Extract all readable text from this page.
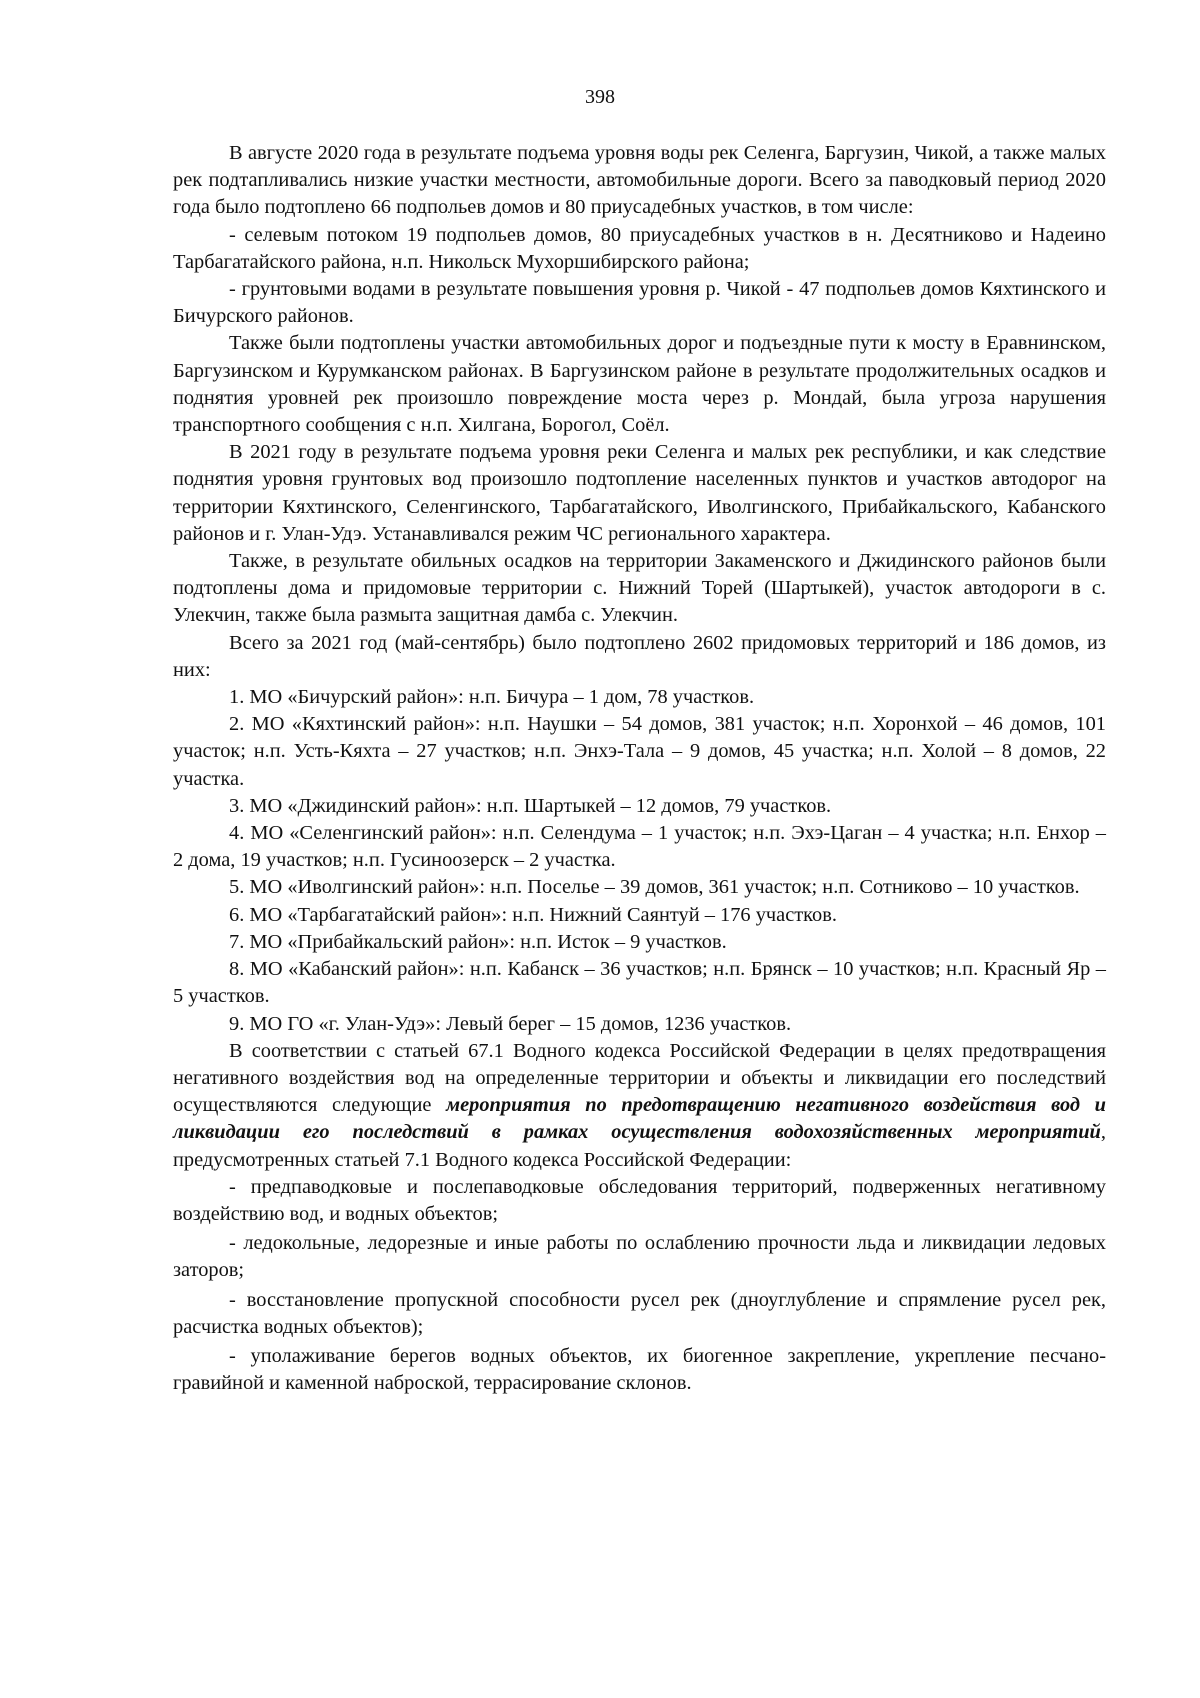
398

В августе 2020 года в результате подъема уровня воды рек Селенга, Баргузин, Чикой, а также малых рек подтапливались низкие участки местности, автомобильные дороги. Всего за паводковый период 2020 года было подтоплено 66 подпольев домов и 80 приусадебных участков, в том числе:

- селевым потоком 19 подпольев домов, 80 приусадебных участков в н. Десятниково и Надеино Тарбагатайского района, н.п. Никольск Мухоршибирского района;

- грунтовыми водами в результате повышения уровня р. Чикой - 47 подпольев домов Кяхтинского и Бичурского районов.

Также были подтоплены участки автомобильных дорог и подъездные пути к мосту в Еравнинском, Баргузинском и Курумканском районах. В Баргузинском районе в результате продолжительных осадков и поднятия уровней рек произошло повреждение моста через р. Мондай, была угроза нарушения транспортного сообщения с н.п. Хилгана, Борогол, Соёл.

В 2021 году в результате подъема уровня реки Селенга и малых рек республики, и как следствие поднятия уровня грунтовых вод произошло подтопление населенных пунктов и участков автодорог на территории Кяхтинского, Селенгинского, Тарбагатайского, Иволгинского, Прибайкальского, Кабанского районов и г. Улан-Удэ. Устанавливался режим ЧС регионального характера.

Также, в результате обильных осадков на территории Закаменского и Джидинского районов были подтоплены дома и придомовые территории с. Нижний Торей (Шартыкей), участок автодороги в с. Улекчин, также была размыта защитная дамба с. Улекчин.

Всего за 2021 год (май-сентябрь) было подтоплено 2602 придомовых территорий и 186 домов, из них:

1. МО «Бичурский район»: н.п. Бичура – 1 дом, 78 участков.

2. МО «Кяхтинский район»: н.п. Наушки – 54 домов, 381 участок; н.п. Хоронхой – 46 домов, 101 участок; н.п. Усть-Кяхта – 27 участков; н.п. Энхэ-Тала – 9 домов, 45 участка; н.п. Холой – 8 домов, 22 участка.

3. МО «Джидинский район»: н.п. Шартыкей – 12 домов, 79 участков.

4. МО «Селенгинский район»: н.п. Селендума – 1 участок; н.п. Эхэ-Цаган – 4 участка; н.п. Енхор – 2 дома, 19 участков; н.п. Гусиноозерск – 2 участка.

5. МО «Иволгинский район»: н.п. Поселье – 39 домов, 361 участок; н.п. Сотниково – 10 участков.

6. МО «Тарбагатайский район»: н.п. Нижний Саянтуй – 176 участков.

7. МО «Прибайкальский район»: н.п. Исток – 9 участков.

8. МО «Кабанский район»: н.п. Кабанск – 36 участков; н.п. Брянск – 10 участков; н.п. Красный Яр – 5 участков.

9. МО ГО «г. Улан-Удэ»: Левый берег – 15 домов, 1236 участков.

В соответствии с статьей 67.1 Водного кодекса Российской Федерации в целях предотвращения негативного воздействия вод на определенные территории и объекты и ликвидации его последствий осуществляются следующие мероприятия по предотвращению негативного воздействия вод и ликвидации его последствий в рамках осуществления водохозяйственных мероприятий, предусмотренных статьей 7.1 Водного кодекса Российской Федерации:

- предпаводковые и послепаводковые обследования территорий, подверженных негативному воздействию вод, и водных объектов;

- ледокольные, ледорезные и иные работы по ослаблению прочности льда и ликвидации ледовых заторов;

- восстановление пропускной способности русел рек (дноуглубление и спрямление русел рек, расчистка водных объектов);

- уполаживание берегов водных объектов, их биогенное закрепление, укрепление песчано-гравийной и каменной наброской, террасирование склонов.
